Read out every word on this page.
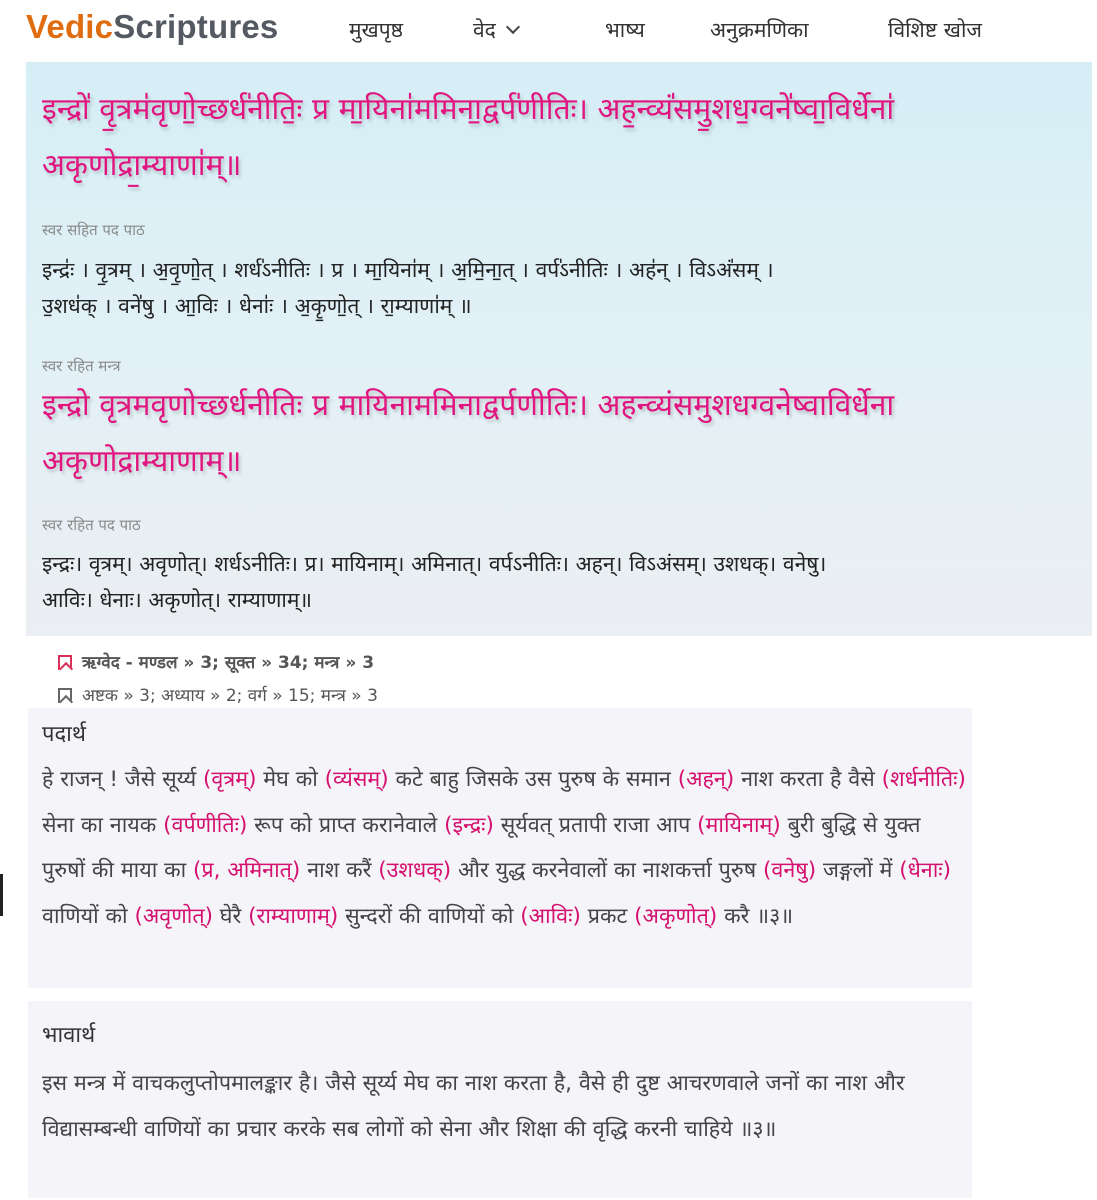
VedicScriptures	मुखपृष्ठ	वेद	भाष्य	अनुक्रमणिका	विशिष्ट खोज
इन्द्रो॑ वृ॒त्रम॑वृणो॒च्छर्ध॑नीतिः॒ प्र मा॒यिना॑ममिना॒द्वर्प॑णीतिः। अह॒न्व्यं॑समु॒शध॒ग्वने॑ष्वा॒विर्धेना॑
अकृणोद्रा॒म्याणा॑म्॥
स्वर सहित पद पाठ
इन्द्रः॑ । वृ॒त्रम् । अ॒वृ॒णो॒त् । शर्ध॑ऽनीतिः । प्र । मा॒यिना॑म् । अ॒मि॒ना॒त् । वर्प॑ऽनीतिः । अह॑न् । विऽअं॑सम् ।
उ॒शध॑क् । वने॑षु । आ॒विः । धेनाः॑ । अ॒कृ॒णो॒त् । रा॒म्याणा॑म् ॥
स्वर रहित मन्त्र
इन्द्रो वृत्रमवृणोच्छर्धनीतिः प्र मायिनाममिनाद्वर्पणीतिः। अहन्व्यंसमुशधग्वनेष्वाविर्धेना
अकृणोद्राम्याणाम्॥
स्वर रहित पद पाठ
इन्द्रः। वृत्रम्। अवृणोत्। शर्धऽनीतिः। प्र। मायिनाम्। अमिनात्। वर्पऽनीतिः। अहन्। विऽअंसम्। उशधक्। वनेषु।
आविः। धेनाः। अकृणोत्। राम्याणाम्॥
ऋग्वेद - मण्डल » 3; सूक्त » 34; मन्त्र » 3
अष्टक » 3; अध्याय » 2; वर्ग » 15; मन्त्र » 3
पदार्थ
हे राजन् ! जैसे सूर्य्य (वृत्रम्) मेघ को (व्यंसम्) कटे बाहु जिसके उस पुरुष के समान (अहन्) नाश करता है वैसे (शर्धनीतिः) सेना का नायक (वर्पणीतिः) रूप को प्राप्त करानेवाले (इन्द्रः) सूर्यवत् प्रतापी राजा आप (मायिनाम्) बुरी बुद्धि से युक्त पुरुषों की माया का (प्र, अमिनात्) नाश करैं (उशधक्) और युद्ध करनेवालों का नाशकर्त्ता पुरुष (वनेषु) जङ्गलों में (धेनाः) वाणियों को (अवृणोत्) घेरै (राम्याणाम्) सुन्दरों की वाणियों को (आविः) प्रकट (अकृणोत्) करै ॥३॥
भावार्थ
इस मन्त्र में वाचकलुप्तोपमालङ्कार है। जैसे सूर्य्य मेघ का नाश करता है, वैसे ही दुष्ट आचरणवाले जनों का नाश और विद्यासम्बन्धी वाणियों का प्रचार करके सब लोगों को सेना और शिक्षा की वृद्धि करनी चाहिये ॥३॥
